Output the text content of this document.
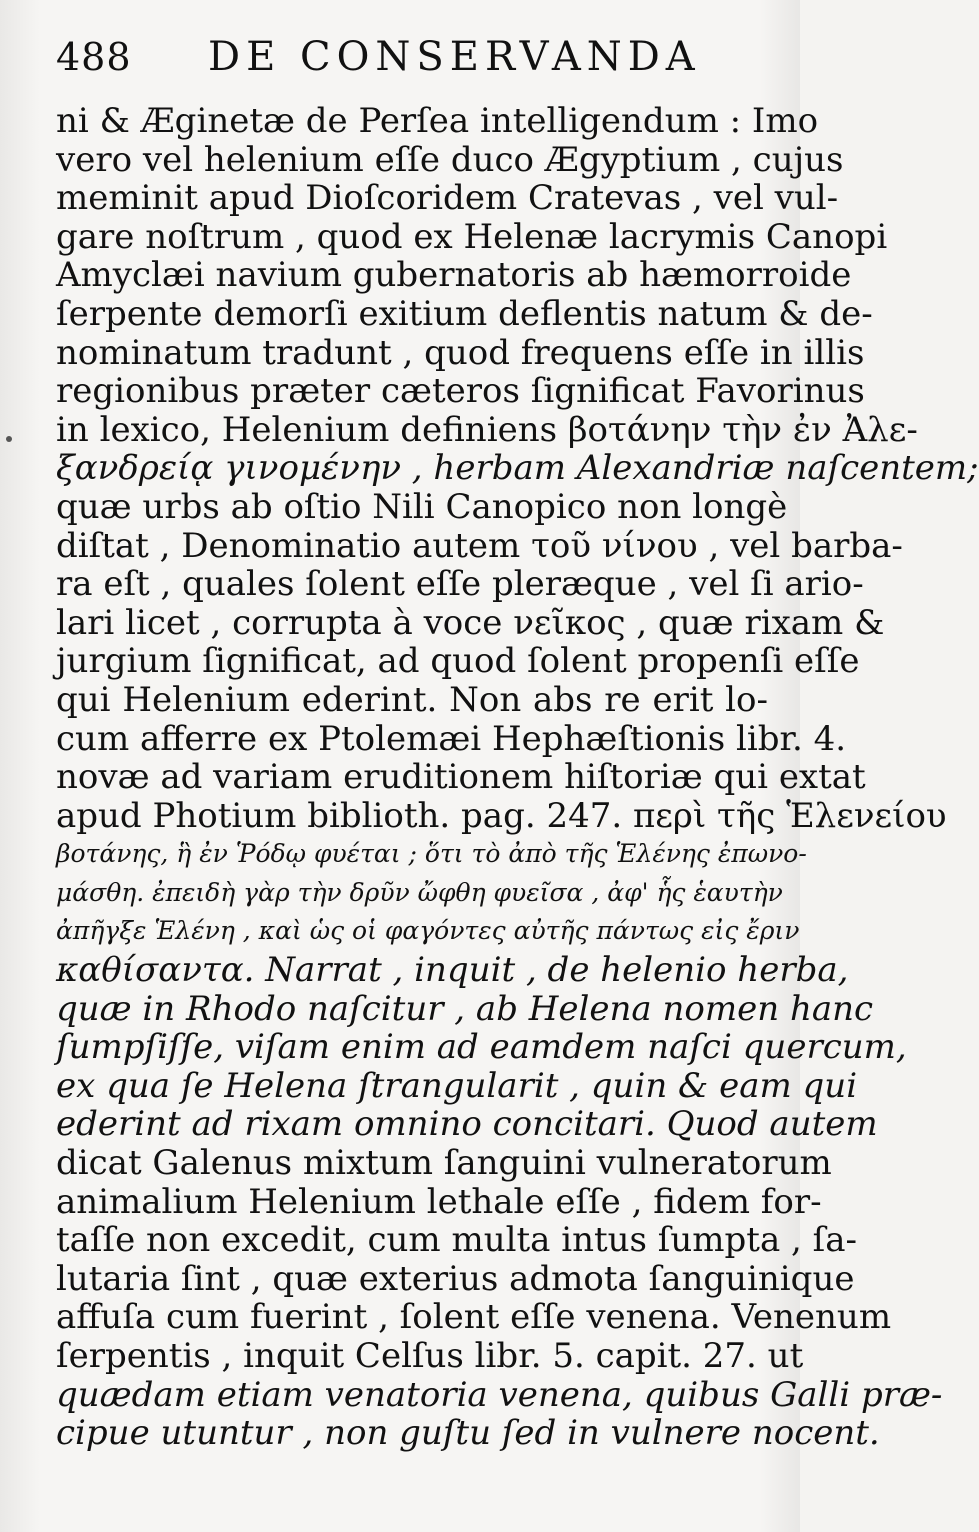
488	DE CONSERVANDA
ni & Æginetæ de Perſea intelligendum : Imo
vero vel helenium eſſe duco Ægyptium , cujus
meminit apud Dioſcoridem Cratevas , vel vul-
gare noſtrum , quod ex Helenæ lacrymis Canopi
Amyclæi navium gubernatoris ab hæmorroide
ſerpente demorſi exitium deflentis natum & de-
nominatum tradunt , quod frequens eſſe in illis
regionibus præter cæteros ſignificat Favorinus
in lexico, Helenium definiens βοτάνην τὴν ἐν Ἀλε-
ξανδρείᾳ γινομένην , herbam Alexandriæ naſcentem;
quæ urbs ab oſtio Nili Canopico non longè
diſtat , Denominatio autem τοῦ νίνου , vel barba-
ra eſt , quales ſolent eſſe pleræque , vel ſi ario-
lari licet , corrupta à voce νεῖκος , quæ rixam &
jurgium ſignificat, ad quod ſolent propenſi eſſe
qui Helenium ederint. Non abs re erit lo-
cum afferre ex Ptolemæi Hephæſtionis libr. 4.
novæ ad variam eruditionem hiſtoriæ qui extat
apud Photium biblioth. pag. 247. περὶ τῆς Ἑλενείου
βοτάνης, ἣ ἐν Ῥόδῳ φυέται ; ὅτι τὸ ἀπὸ τῆς Ἑλένης ἐπωνο-
μάσθη. ἐπειδὴ γὰρ τὴν δρῦν ὤφθη φυεῖσα , ἀφ' ἧς ἑαυτὴν
ἀπῆγξε Ἑλένη , καὶ ὡς οἱ φαγόντες αὐτῆς πάντως εἰς ἔριν
καθίσαντα. Narrat , inquit , de helenio herba,
quæ in Rhodo naſcitur , ab Helena nomen hanc
ſumpſiſſe, viſam enim ad eamdem naſci quercum,
ex qua ſe Helena ſtrangularit , quin & eam qui
ederint ad rixam omnino concitari. Quod autem
dicat Galenus mixtum ſanguini vulneratorum
animalium Helenium lethale eſſe , fidem for-
taſſe non excedit, cum multa intus ſumpta , ſa-
lutaria ſint , quæ exterius admota ſanguinique
affuſa cum fuerint , ſolent eſſe venena. Venenum
ſerpentis , inquit Celſus libr. 5. capit. 27. ut
quædam etiam venatoria venena, quibus Galli præ-
cipue utuntur , non guſtu ſed in vulnere nocent.
